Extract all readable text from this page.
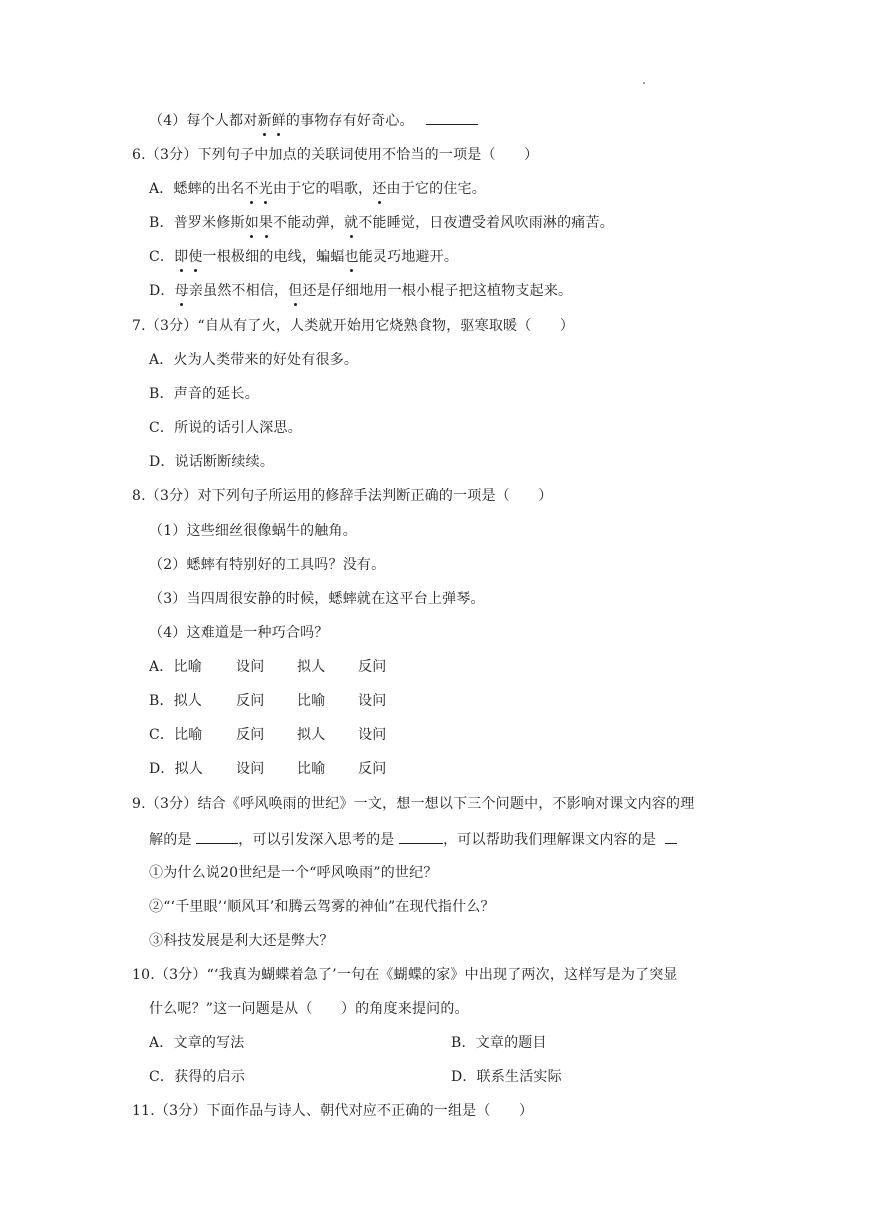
（4）每个人都对新鲜的事物存有好奇心。
6.（3分）下列句子中加点的关联词使用不恰当的一项是（　　）
A．蟋蟀的出名不光由于它的唱歌，还由于它的住宅。
B．普罗米修斯如果不能动弹，就不能睡觉，日夜遭受着风吹雨淋的痛苦。
C．即使一根极细的电线，蝙蝠也能灵巧地避开。
D．母亲虽然不相信，但还是仔细地用一根小棍子把这植物支起来。
7.（3分）“自从有了火，人类就开始用它烧熟食物，驱寒取暖（　　）
A．火为人类带来的好处有很多。
B．声音的延长。
C．所说的话引人深思。
D．说话断断续续。
8.（3分）对下列句子所运用的修辞手法判断正确的一项是（　　）
（1）这些细丝很像蜗牛的触角。
（2）蟋蟀有特别好的工具吗？没有。
（3）当四周很安静的时候，蟋蟀就在这平台上弹琴。
（4）这难道是一种巧合吗？
A．比喻 设问 拟人 反问
B．拟人 反问 比喻 设问
C．比喻 反问 拟人 设问
D．拟人 设问 比喻 反问
9.（3分）结合《呼风唤雨的世纪》一文，想一想以下三个问题中，不影响对课文内容的理
解的是	，可以引发深入思考的是	，可以帮助我们理解课文内容的是
①为什么说20世纪是一个“呼风唤雨”的世纪？
②“‘千里眼’‘顺风耳’和腾云驾雾的神仙”在现代指什么？
③科技发展是利大还是弊大？
10.（3分）“‘我真为蝴蝶着急了’一句在《蝴蝶的家》中出现了两次，这样写是为了突显
什么呢？”这一问题是从（　　）的角度来提问的。
A．文章的写法	B．文章的题目
C．获得的启示	D．联系生活实际
11.（3分）下面作品与诗人、朝代对应不正确的一组是（　　）
